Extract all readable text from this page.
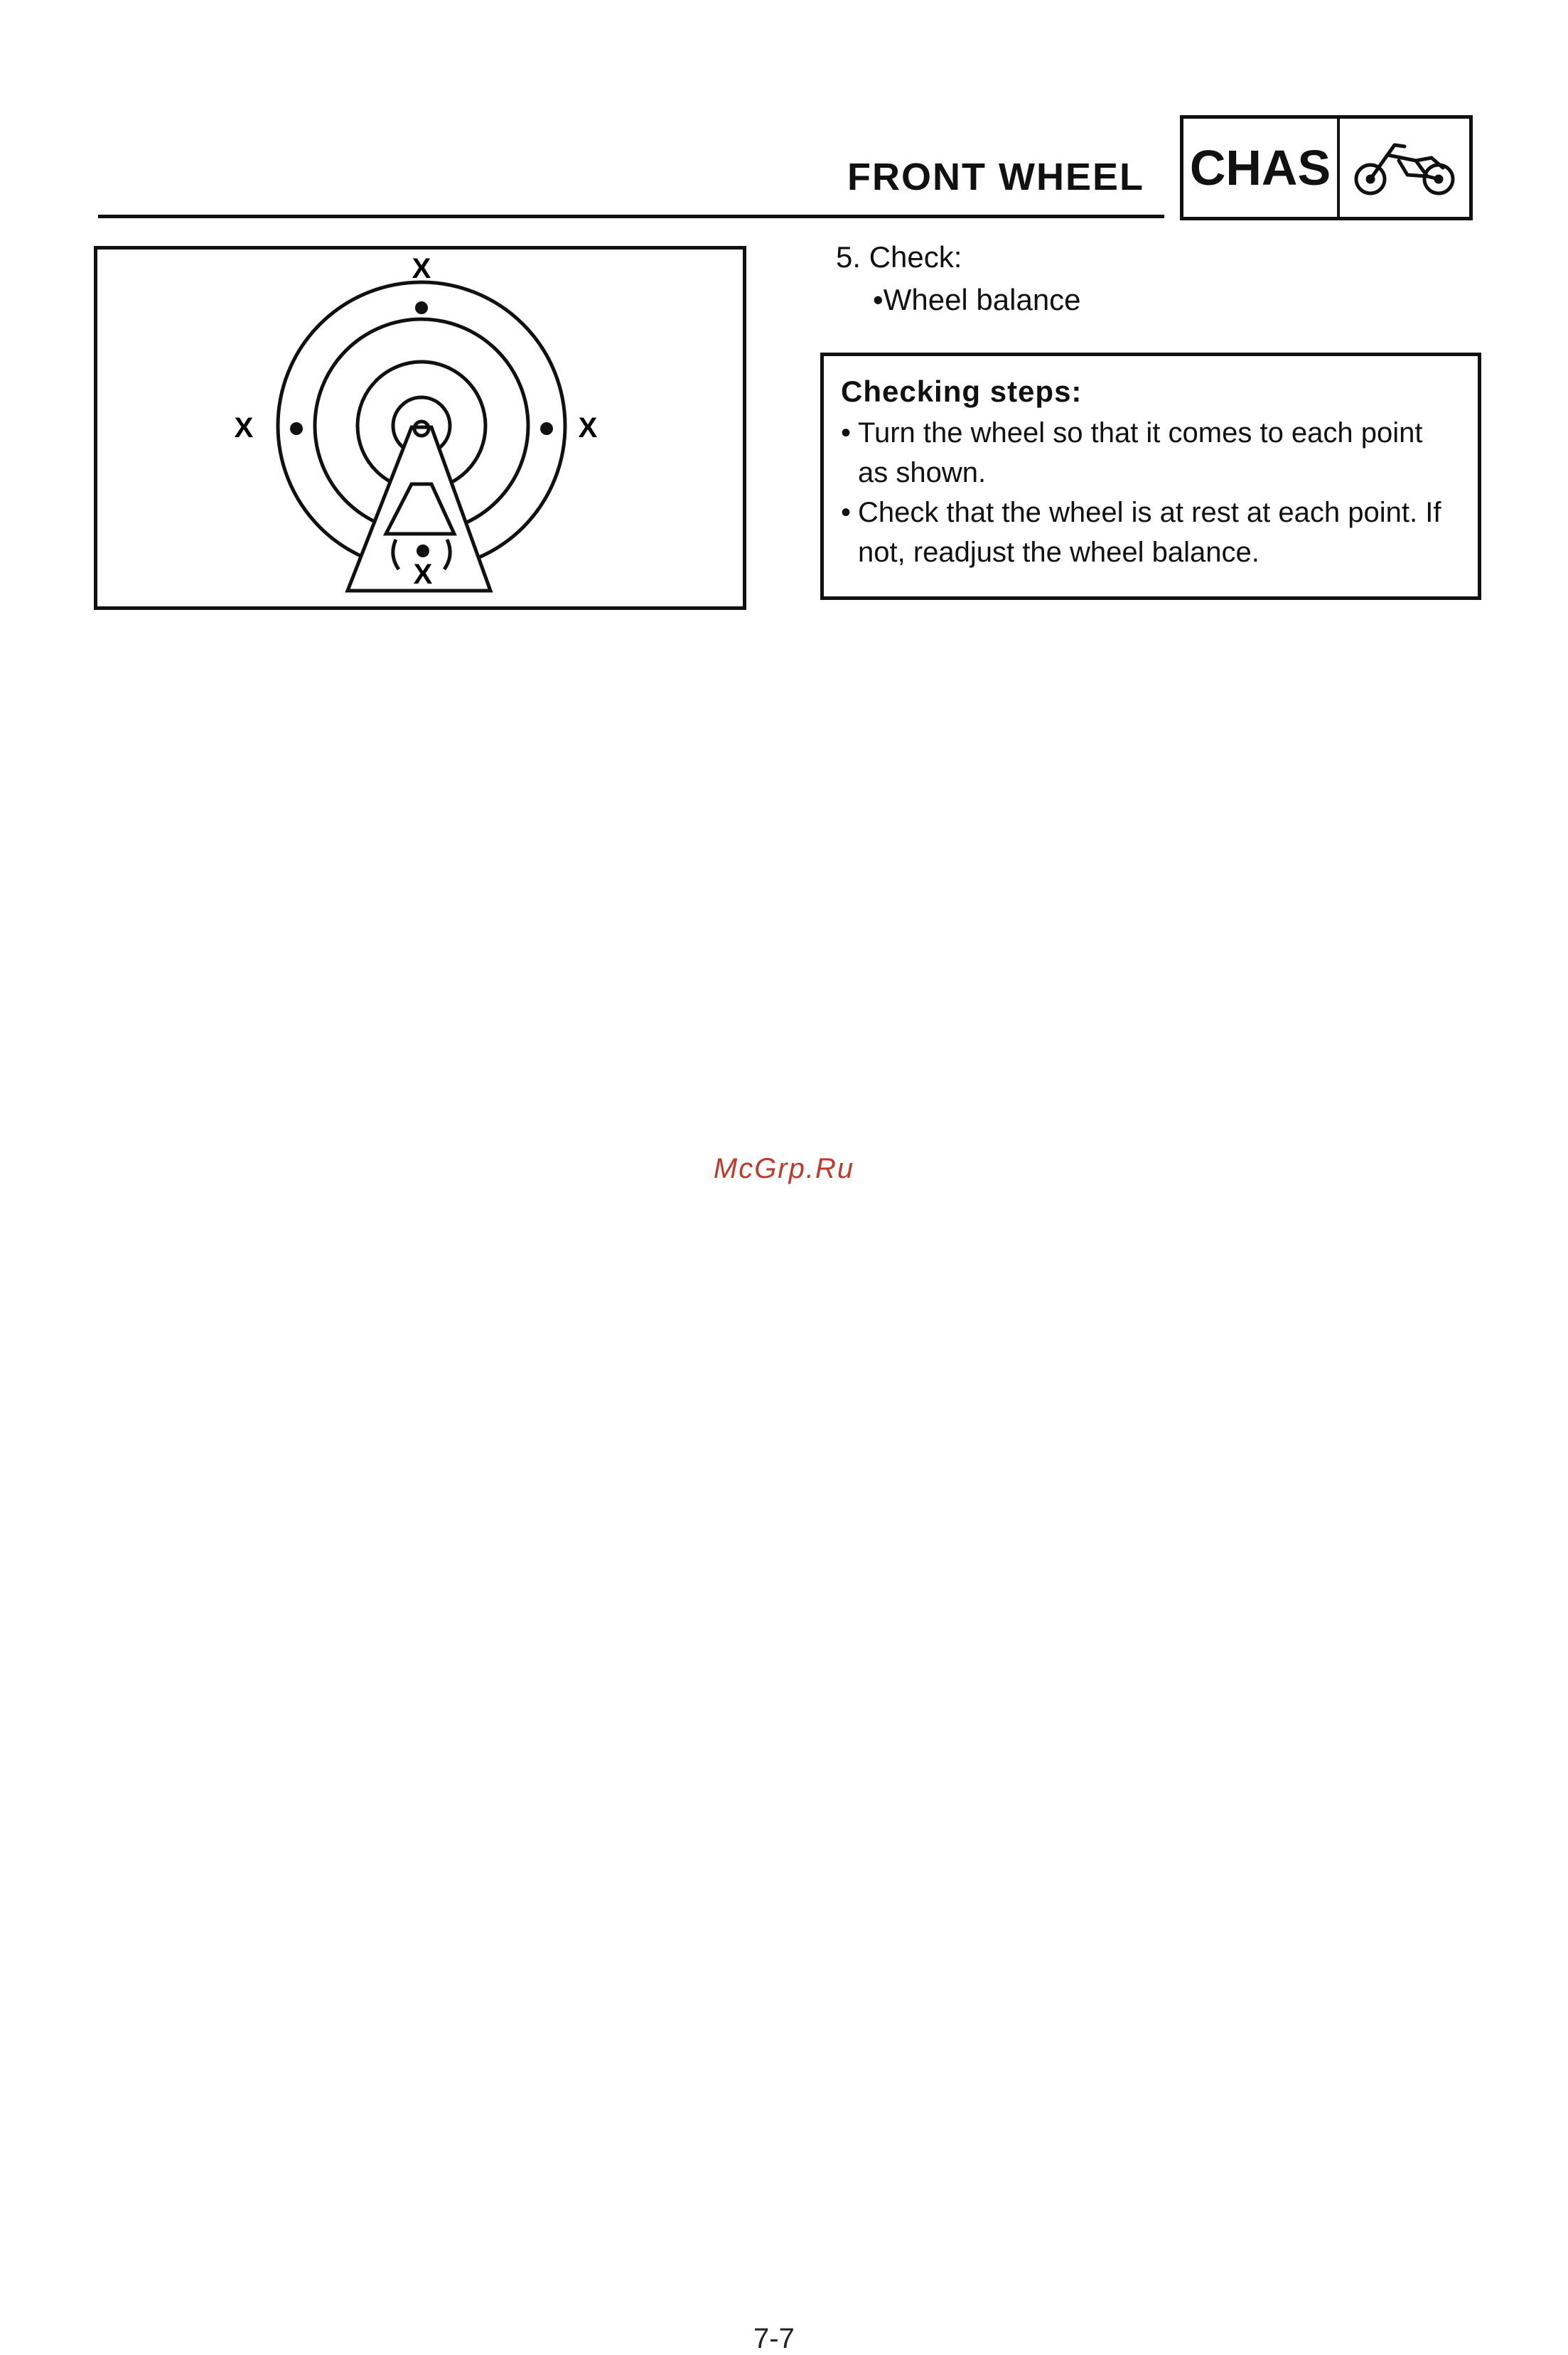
FRONT WHEEL CHAS
X
X	X
X
5. Check:
•Wheel balance
Checking steps:
• Turn the wheel so that it comes to each point as shown.
• Check that the wheel is at rest at each point. If not, readjust the wheel balance.
McGrp.Ru
7-7
